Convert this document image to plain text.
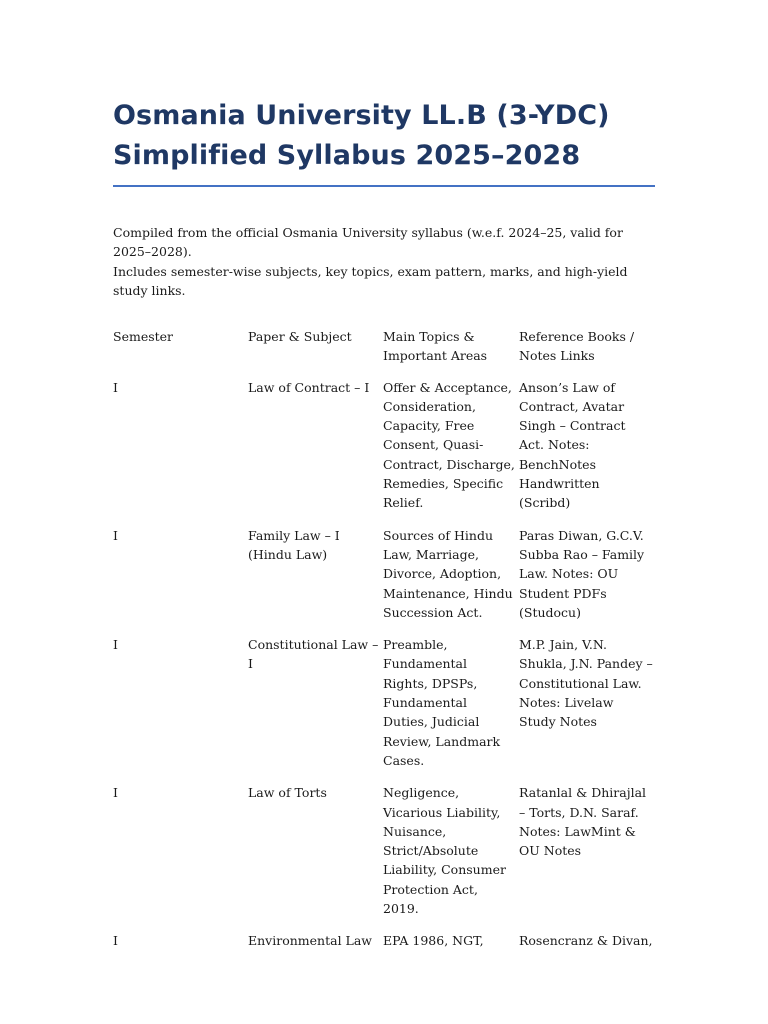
Osmania University LL.B (3-YDC)
Simplified Syllabus 2025–2028

Compiled from the official Osmania University syllabus (w.e.f. 2024–25, valid for 2025–2028).

Includes semester-wise subjects, key topics, exam pattern, marks, and high-yield study links.

Semester	Paper & Subject	Main Topics & Important Areas	Reference Books / Notes Links
I	Law of Contract – I	Offer & Acceptance, Consideration, Capacity, Free Consent, Quasi-Contract, Discharge, Remedies, Specific Relief.	Anson’s Law of Contract, Avatar Singh – Contract Act. Notes: BenchNotes Handwritten (Scribd)
I	Family Law – I (Hindu Law)	Sources of Hindu Law, Marriage, Divorce, Adoption, Maintenance, Hindu Succession Act.	Paras Diwan, G.C.V. Subba Rao – Family Law. Notes: OU Student PDFs (Studocu)
I	Constitutional Law – I	Preamble, Fundamental Rights, DPSPs, Fundamental Duties, Judicial Review, Landmark Cases.	M.P. Jain, V.N. Shukla, J.N. Pandey – Constitutional Law. Notes: Livelaw Study Notes
I	Law of Torts	Negligence, Vicarious Liability, Nuisance, Strict/Absolute Liability, Consumer Protection Act, 2019.	Ratanlal & Dhirajlal – Torts, D.N. Saraf. Notes: LawMint & OU Notes
I	Environmental Law	EPA 1986, NGT,	Rosencranz & Divan,
